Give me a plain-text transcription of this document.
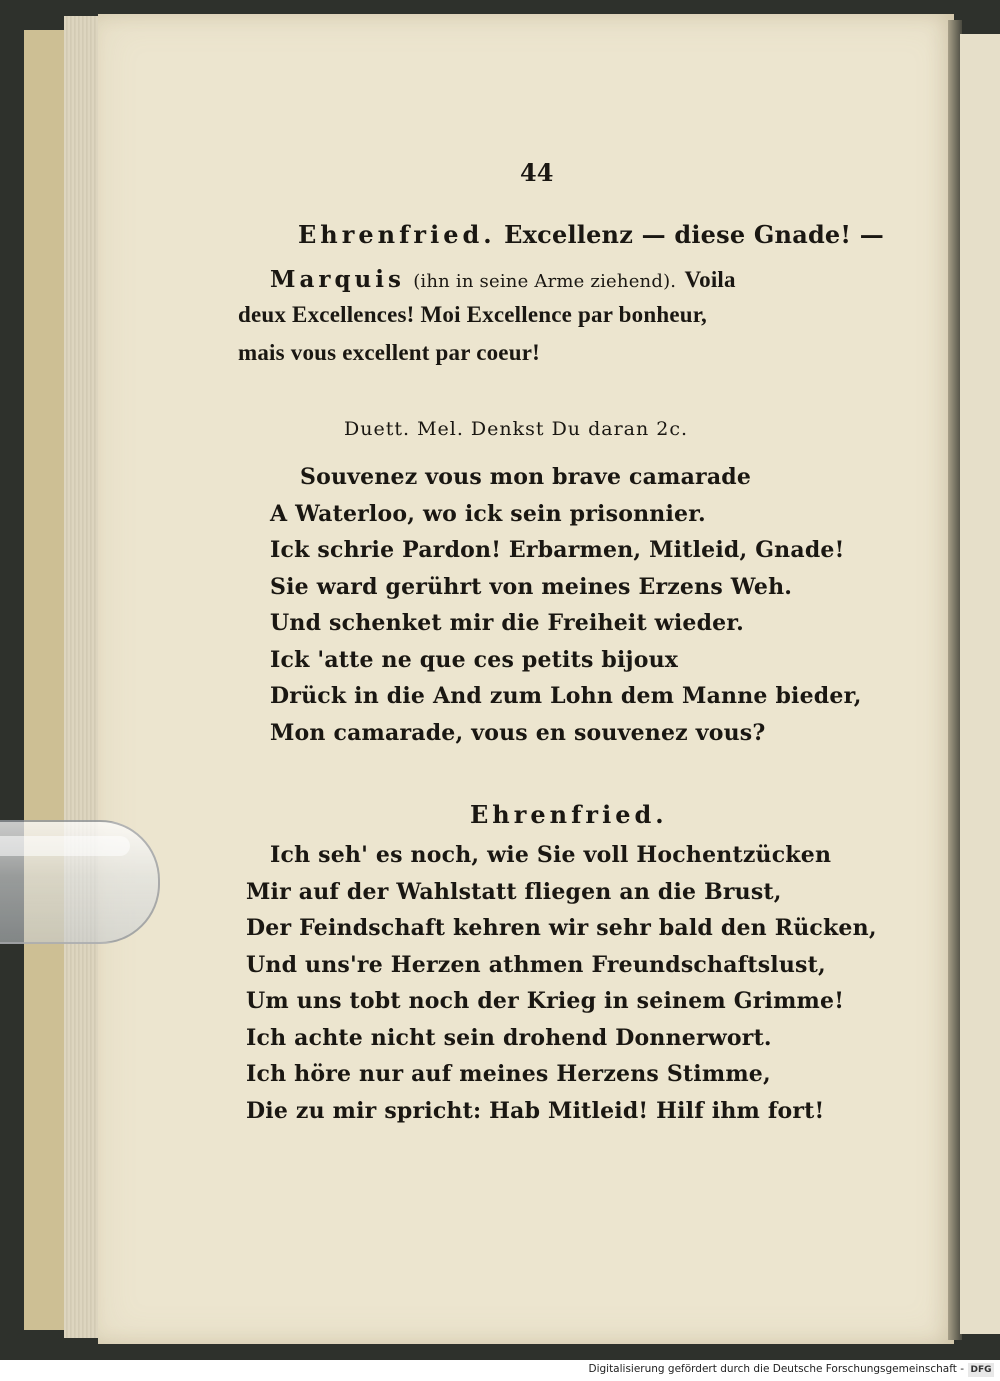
44
Ehrenfried. Excellenz — diese Gnade! —
Marquis (ihn in seine Arme ziehend). Voila
deux Excellences! Moi Excellence par bonheur,
mais vous excellent par coeur!
Duett. Mel. Denkst Du daran 2c.
Souvenez vous mon brave camarade
A Waterloo, wo ick sein prisonnier.
Ick schrie Pardon! Erbarmen, Mitleid, Gnade!
Sie ward gerührt von meines Erzens Weh.
Und schenket mir die Freiheit wieder.
Ick 'atte ne que ces petits bijoux
Drück in die And zum Lohn dem Manne bieder,
Mon camarade, vous en souvenez vous?
Ehrenfried.
Ich seh' es noch, wie Sie voll Hochentzücken
Mir auf der Wahlstatt fliegen an die Brust,
Der Feindschaft kehren wir sehr bald den Rücken,
Und uns're Herzen athmen Freundschaftslust,
Um uns tobt noch der Krieg in seinem Grimme!
Ich achte nicht sein drohend Donnerwort.
Ich höre nur auf meines Herzens Stimme,
Die zu mir spricht: Hab Mitleid! Hilf ihm fort!
Digitalisierung gefördert durch die Deutsche Forschungsgemeinschaft - DFG
